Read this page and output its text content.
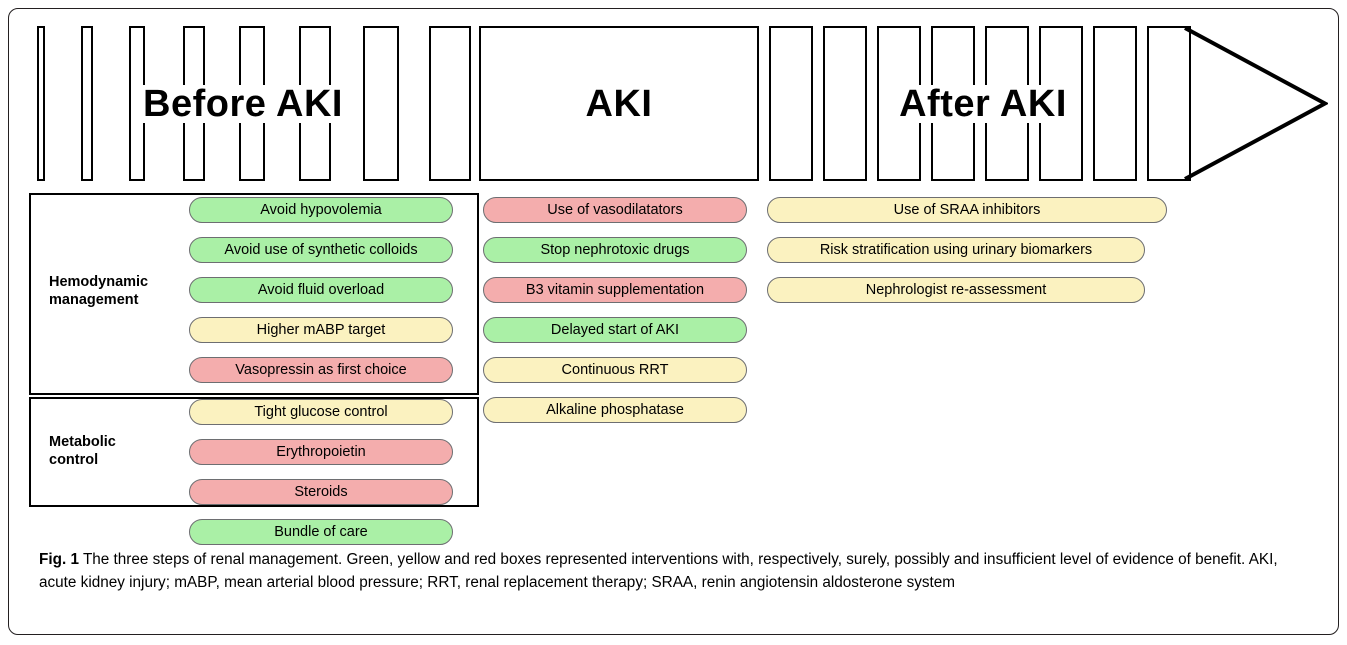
Before AKI	AKI	After AKI
Hemodynamic
management
Metabolic
control
Avoid hypovolemia
Avoid use of synthetic colloids
Avoid fluid overload
Higher mABP target
Vasopressin as first choice
Tight glucose control
Erythropoietin
Steroids
Bundle of care
Use of vasodilatators
Stop nephrotoxic drugs
B3 vitamin supplementation
Delayed start of AKI
Continuous RRT
Alkaline phosphatase
Use of SRAA inhibitors
Risk stratification using urinary biomarkers
Nephrologist re-assessment
Fig. 1 The three steps of renal management. Green, yellow and red boxes represented interventions with, respectively, surely, possibly and insufficient level of evidence of benefit. AKI, acute kidney injury; mABP, mean arterial blood pressure; RRT, renal replacement therapy; SRAA, renin angiotensin aldosterone system
